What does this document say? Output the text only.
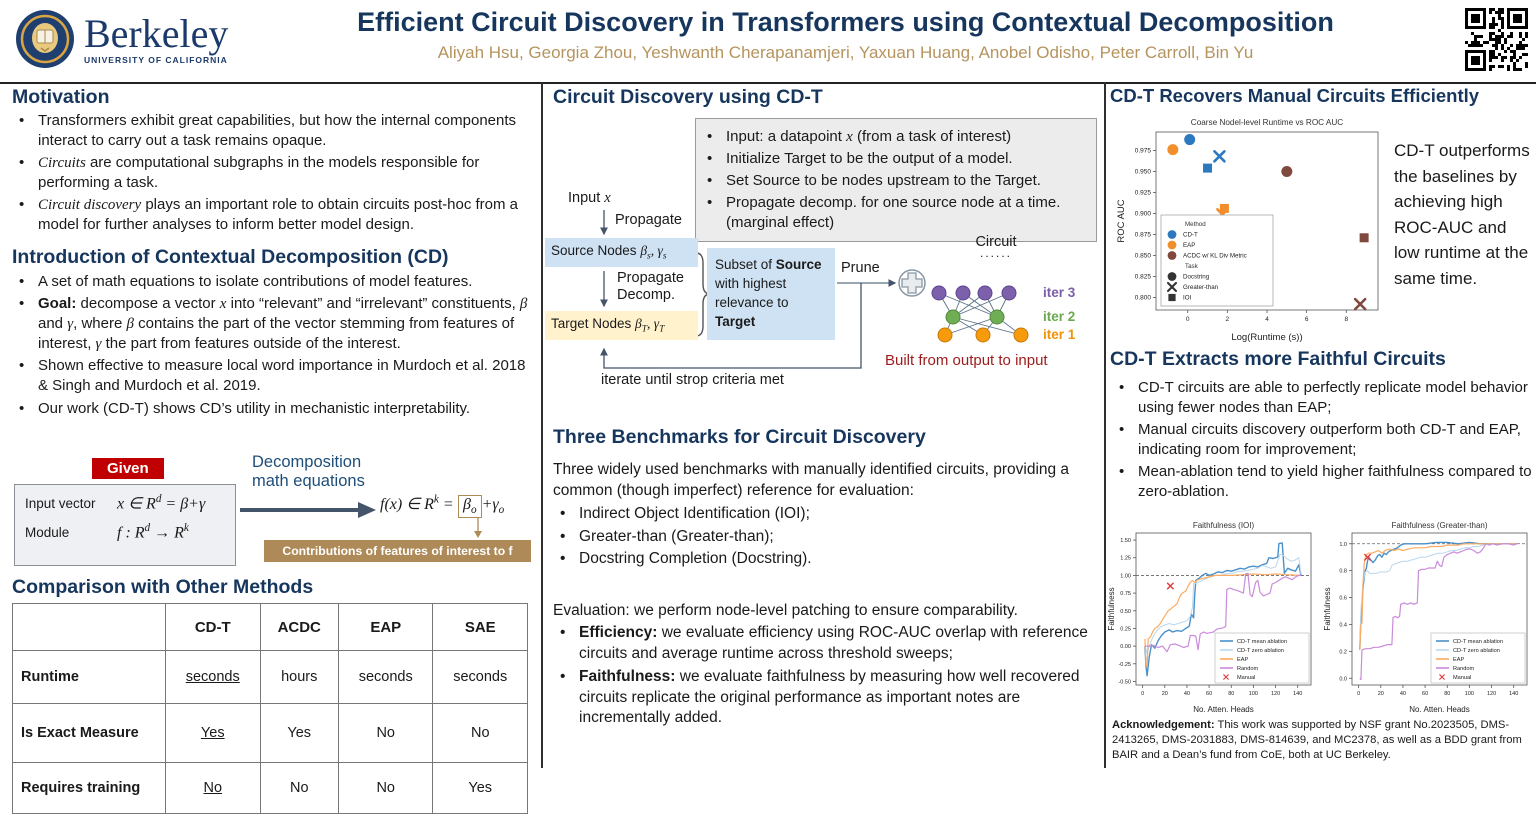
Berkeley
UNIVERSITY OF CALIFORNIA
Efficient Circuit Discovery in Transformers using Contextual Decomposition
Aliyah Hsu, Georgia Zhou, Yeshwanth Cherapanamjeri, Yaxuan Huang, Anobel Odisho, Peter Carroll, Bin Yu
Motivation
• Transformers exhibit great capabilities, but how the internal components interact to carry out a task remains opaque.
• Circuits are computational subgraphs in the models responsible for performing a task.
• Circuit discovery plays an important role to obtain circuits post-hoc from a model for further analyses to inform better model design.
Introduction of Contextual Decomposition (CD)
• A set of math equations to isolate contributions of model features.
• Goal: decompose a vector x into “relevant” and “irrelevant” constituents, β and γ, where β contains the part of the vector stemming from features of interest, γ the part from features outside of the interest.
• Shown effective to measure local word importance in Murdoch et al. 2018 & Singh and Murdoch et al. 2019.
• Our work (CD-T) shows CD’s utility in mechanistic interpretability.
Given
Input vector	x ∈ $R^d = \beta+\gamma$
Module	f : $R^d \to R^k$
Decomposition math equations
f(x) ∈ $R^k = \beta_o +\gamma_o$
Contributions of features of interest to f
Comparison with Other Methods
	CD-T	ACDC	EAP	SAE
Runtime	seconds	hours	seconds	seconds
Is Exact Measure	Yes	Yes	No	No
Requires training	No	No	No	Yes
Circuit Discovery using CD-T
• Input: a datapoint x (from a task of interest)
• Initialize Target to be the output of a model.
• Set Source to be nodes upstream to the Target.
• Propagate decomp. for one source node at a time. (marginal effect)
Input x
Propagate
Source Nodes $\beta_s$, $\gamma_s$
Propagate
Decomp.
Target Nodes $\beta_T$, $\gamma_T$
Subset of Source with highest relevance to Target
Prune
Circuit
......
iter 3
iter 2
iter 1
Built from output to input
iterate until strop criteria met
Three Benchmarks for Circuit Discovery

Three widely used benchmarks with manually identified circuits, providing a common (though imperfect) reference for evaluation:

• Indirect Object Identification (IOI);
• Greater-than (Greater-than);
• Docstring Completion (Docstring).

Evaluation: we perform node-level patching to ensure comparability.

• Efficiency: we evaluate efficiency using ROC-AUC overlap with reference circuits and average runtime across threshold sweeps;
• Faithfulness: we evaluate faithfulness by measuring how well recovered circuits replicate the original performance as important notes are incrementally added.
CD-T Recovers Manual Circuits Efficiently
0	2	4	6	8
0.800
0.825
0.850
0.875
0.900
0.925
0.950
0.975
Coarse Nodel-level Runtime vs ROC AUC
Log(Runtime (s))
ROC AUC	Method
CD-T
EAP
ACDC w/ KL Div Metric
Task
Docstring
Greater-than
IOI
CD-T outperforms the baselines by achieving high ROC-AUC and low runtime at the same time.
CD-T Extracts more Faithful Circuits
• CD-T circuits are able to perfectly replicate model behavior using fewer nodes than EAP;
• Manual circuits discovery outperform both CD-T and EAP, indicating room for improvement;
• Mean-ablation tend to yield higher faithfulness compared to zero-ablation.
0	20	40	60	80	100 120 140
-0.50
-0.25
0.00
0.25
0.50
0.75
1.00
1.25
1.50
Faithfulness (IOI)
No. Atten. Heads
Faithfulness
CD-T mean ablation
CD-T zero ablation
EAP
Random
Manual
0	20	40	60	80	100 120 140
0.0
0.2
0.4
0.6
0.8
1.0
Faithfulness (Greater-than)
No. Atten. Heads
Faithfulness
CD-T mean ablation
CD-T zero ablation
EAP
Random
Manual
Acknowledgement: This work was supported by NSF grant No.2023505, DMS-2413265, DMS-2031883, DMS-814639, and MC2378, as well as a BDD grant from BAIR and a Dean’s fund from CoE, both at UC Berkeley.
